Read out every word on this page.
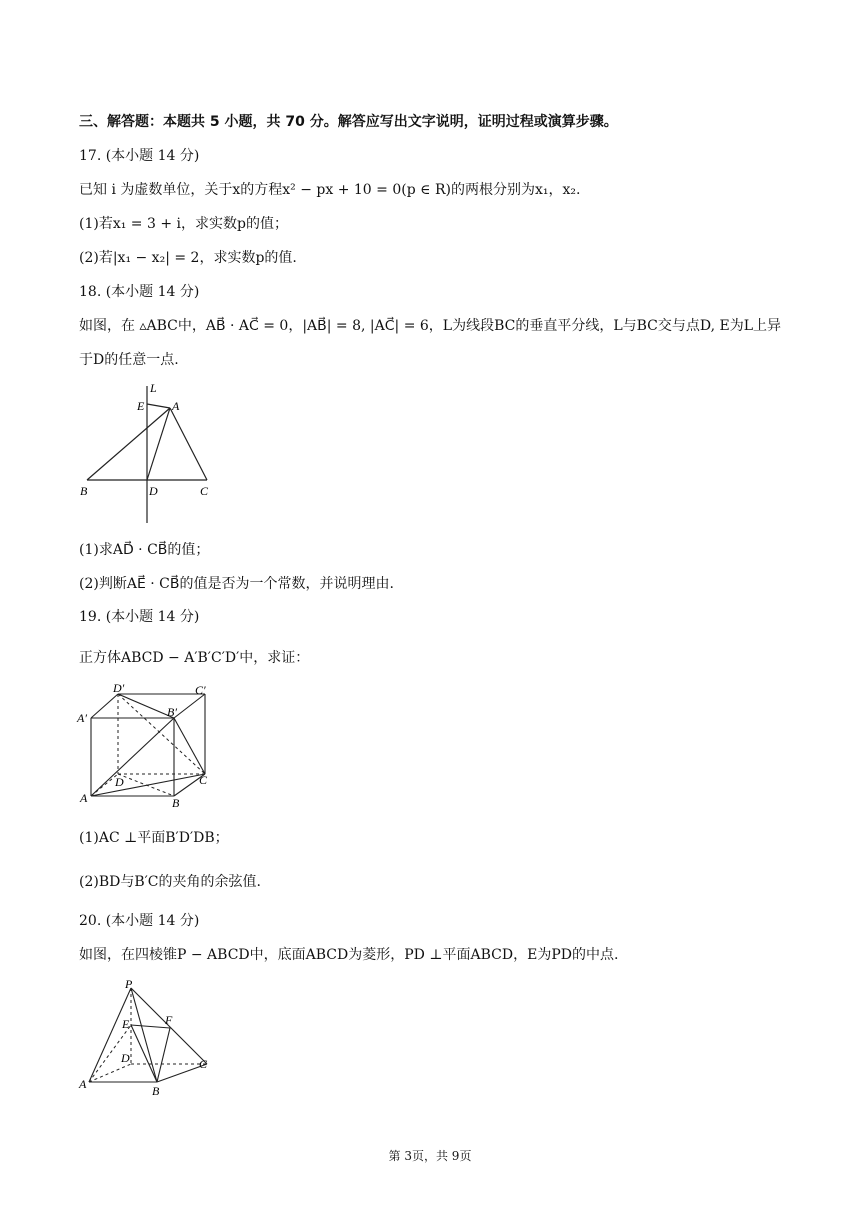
三、解答题：本题共 5 小题，共 70 分。解答应写出文字说明，证明过程或演算步骤。
17. (本小题 14 分)
已知 i 为虚数单位，关于x的方程x² − px + 10 = 0(p ∈ R)的两根分别为x₁，x₂.
(1)若x₁ = 3 + i，求实数p的值；
(2)若|x₁ − x₂| = 2，求实数p的值.
18. (本小题 14 分)
如图，在 ▵ABC中，AB⃗ · AC⃗ = 0，|AB⃗| = 8, |AC⃗| = 6，L为线段BC的垂直平分线，L与BC交与点D, E为L上异
于D的任意一点.
L
E A
B	D	C
(1)求AD⃗ · CB⃗的值；
(2)判断AE⃗ · CB⃗的值是否为一个常数，并说明理由.
19. (本小题 14 分)
正方体ABCD − A′B′C′D′中，求证：
D′	C′
A′	B′
D	C
A	B
(1)AC ⊥平面B′D′DB；
(2)BD与B′C的夹角的余弦值.
20. (本小题 14 分)
如图，在四棱锥P − ABCD中，底面ABCD为菱形，PD ⊥平面ABCD，E为PD的中点.
P
E	F
D	C
A	B
第 3页，共 9页
